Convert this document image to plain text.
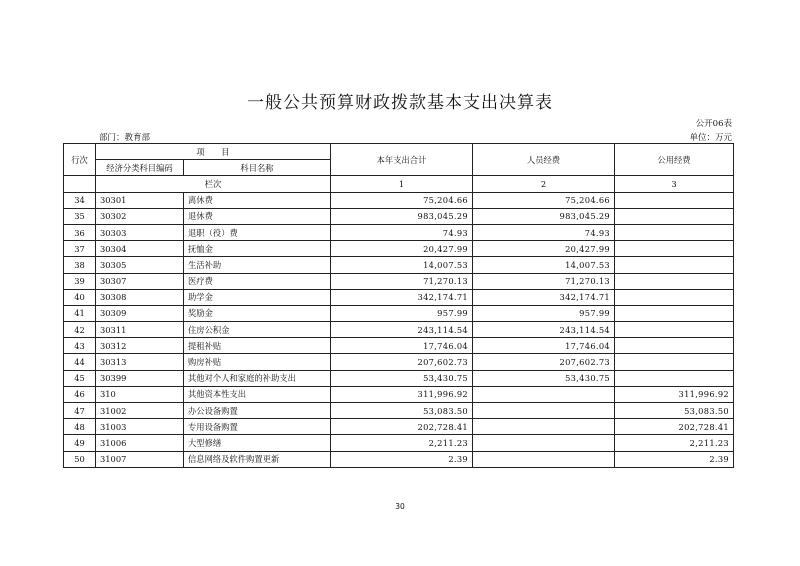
一般公共预算财政拨款基本支出决算表
公开06表
部门：教育部	单位：万元
行次	项　　目		本年支出合计	人员经费	公用经费
	经济分类科目编码	科目名称			
	栏次		1	2	3
34	30301	离休费	75,204.66	75,204.66	
35	30302	退休费	983,045.29	983,045.29	
36	30303	退职（役）费	74.93	74.93	
37	30304	抚恤金	20,427.99	20,427.99	
38	30305	生活补助	14,007.53	14,007.53	
39	30307	医疗费	71,270.13	71,270.13	
40	30308	助学金	342,174.71	342,174.71	
41	30309	奖励金	957.99	957.99	
42	30311	住房公积金	243,114.54	243,114.54	
43	30312	提租补贴	17,746.04	17,746.04	
44	30313	购房补贴	207,602.73	207,602.73	
45	30399	其他对个人和家庭的补助支出	53,430.75	53,430.75	
46	310	其他资本性支出	311,996.92		311,996.92
47	31002	办公设备购置	53,083.50		53,083.50
48	31003	专用设备购置	202,728.41		202,728.41
49	31006	大型修缮	2,211.23		2,211.23
50	31007	信息网络及软件购置更新	2.39		2.39
30
